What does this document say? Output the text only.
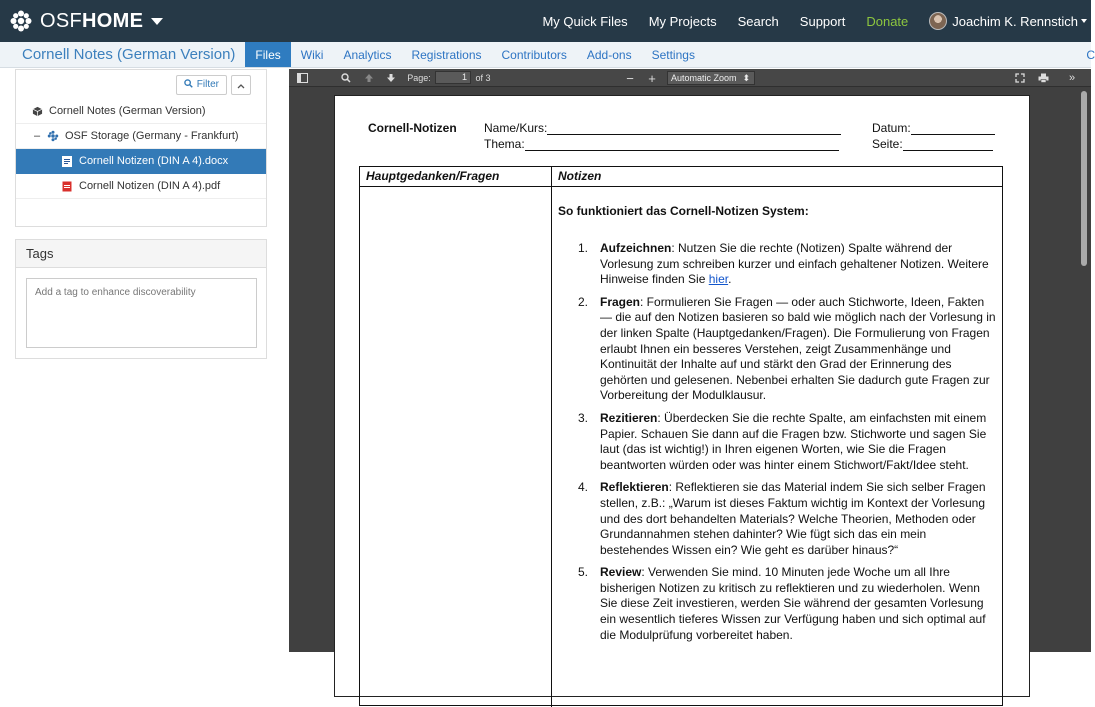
OSFHOME	My Quick Files My Projects Search Support Donate	Joachim K. Rennstich
Cornell Notes (German Version)	Files	Wiki	Analytics	Registrations	Contributors	Add-ons	Settings	C
Filter
Cornell Notes (German Version)
– OSF Storage (Germany - Frankfurt)
Cornell Notizen (DIN A 4).docx
Cornell Notizen (DIN A 4).pdf
Tags
Add a tag to enhance discoverability
Page:	1 of 3	− +	Automatic Zoom ⬍	»
Cornell-Notizen Name/Kurs:
Thema:
Datum:
Seite:
Hauptgedanken/Fragen	Notizen
So funktioniert das Cornell-Notizen System:
1. Aufzeichnen: Nutzen Sie die rechte (Notizen) Spalte während der Vorlesung zum schreiben kurzer und einfach gehaltener Notizen. Weitere Hinweise finden Sie hier.
2. Fragen: Formulieren Sie Fragen — oder auch Stichworte, Ideen, Fakten — die auf den Notizen basieren so bald wie möglich nach der Vorlesung in der linken Spalte (Hauptgedanken/Fragen). Die Formulierung von Fragen erlaubt Ihnen ein besseres Verstehen, zeigt Zusammenhänge und Kontinuität der Inhalte auf und stärkt den Grad der Erinnerung des gehörten und gelesenen. Nebenbei erhalten Sie dadurch gute Fragen zur Vorbereitung der Modulklausur.
3. Rezitieren: Überdecken Sie die rechte Spalte, am einfachsten mit einem Papier. Schauen Sie dann auf die Fragen bzw. Stichworte und sagen Sie laut (das ist wichtig!) in Ihren eigenen Worten, wie Sie die Fragen beantworten würden oder was hinter einem Stichwort/Fakt/Idee steht.
4. Reflektieren: Reflektieren sie das Material indem Sie sich selber Fragen stellen, z.B.: „Warum ist dieses Faktum wichtig im Kontext der Vorlesung und des dort behandelten Materials? Welche Theorien, Methoden oder Grundannahmen stehen dahinter? Wie fügt sich das ein mein bestehendes Wissen ein? Wie geht es darüber hinaus?“
5. Review: Verwenden Sie mind. 10 Minuten jede Woche um all Ihre bisherigen Notizen zu kritisch zu reflektieren und zu wiederholen. Wenn Sie diese Zeit investieren, werden Sie während der gesamten Vorlesung ein wesentlich tieferes Wissen zur Verfügung haben und sich optimal auf die Modulprüfung vorbereitet haben.
